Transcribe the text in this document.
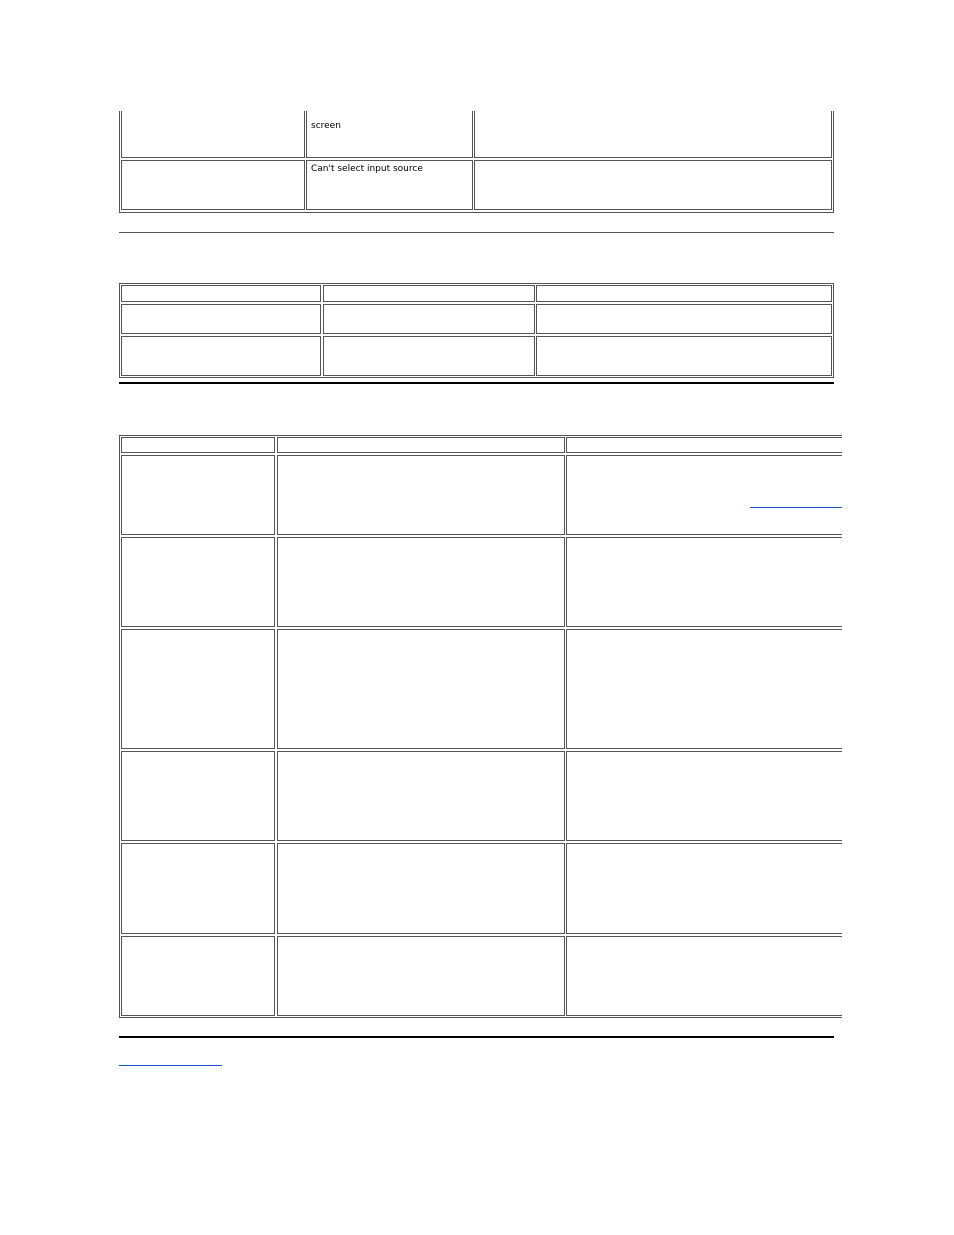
screen
Can't select input source
